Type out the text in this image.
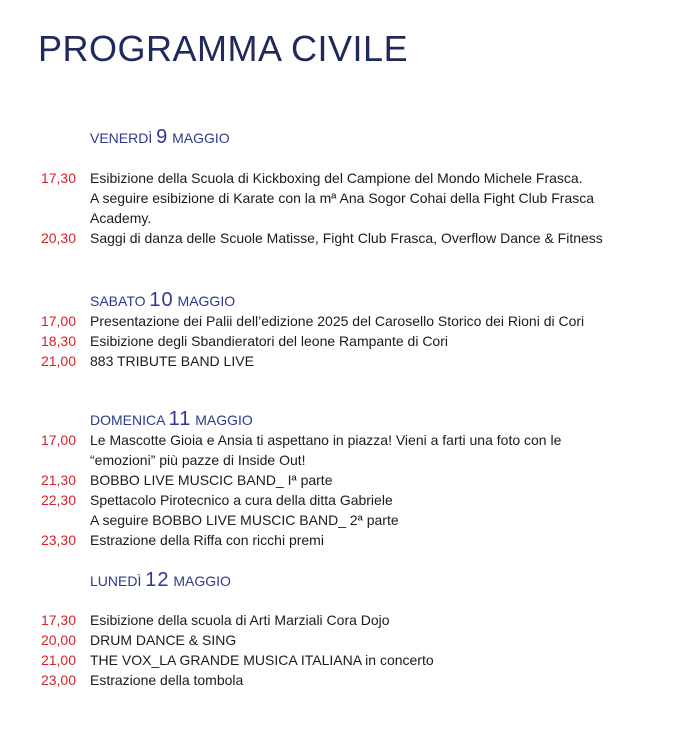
PROGRAMMA CIVILE
VENERDÌ 9 MAGGIO
17,30 Esibizione della Scuola di Kickboxing del Campione del Mondo Michele Frasca.
A seguire esibizione di Karate con la mª Ana Sogor Cohai della Fight Club Frasca
Academy.
20,30 Saggi di danza delle Scuole Matisse, Fight Club Frasca, Overflow Dance & Fitness
SABATO 10 MAGGIO
17,00 Presentazione dei Palii dell’edizione 2025 del Carosello Storico dei Rioni di Cori
18,30 Esibizione degli Sbandieratori del leone Rampante di Cori
21,00 883 TRIBUTE BAND LIVE
DOMENICA 11 MAGGIO
17,00 Le Mascotte Gioia e Ansia ti aspettano in piazza! Vieni a farti una foto con le
“emozioni” più pazze di Inside Out!
21,30 BOBBO LIVE MUSCIC BAND_ Iª parte
22,30 Spettacolo Pirotecnico a cura della ditta Gabriele
A seguire BOBBO LIVE MUSCIC BAND_ 2ª parte
23,30 Estrazione della Riffa con ricchi premi
LUNEDÌ 12 MAGGIO
17,30 Esibizione della scuola di Arti Marziali Cora Dojo
20,00 DRUM DANCE & SING
21,00 THE VOX_LA GRANDE MUSICA ITALIANA in concerto
23,00 Estrazione della tombola
